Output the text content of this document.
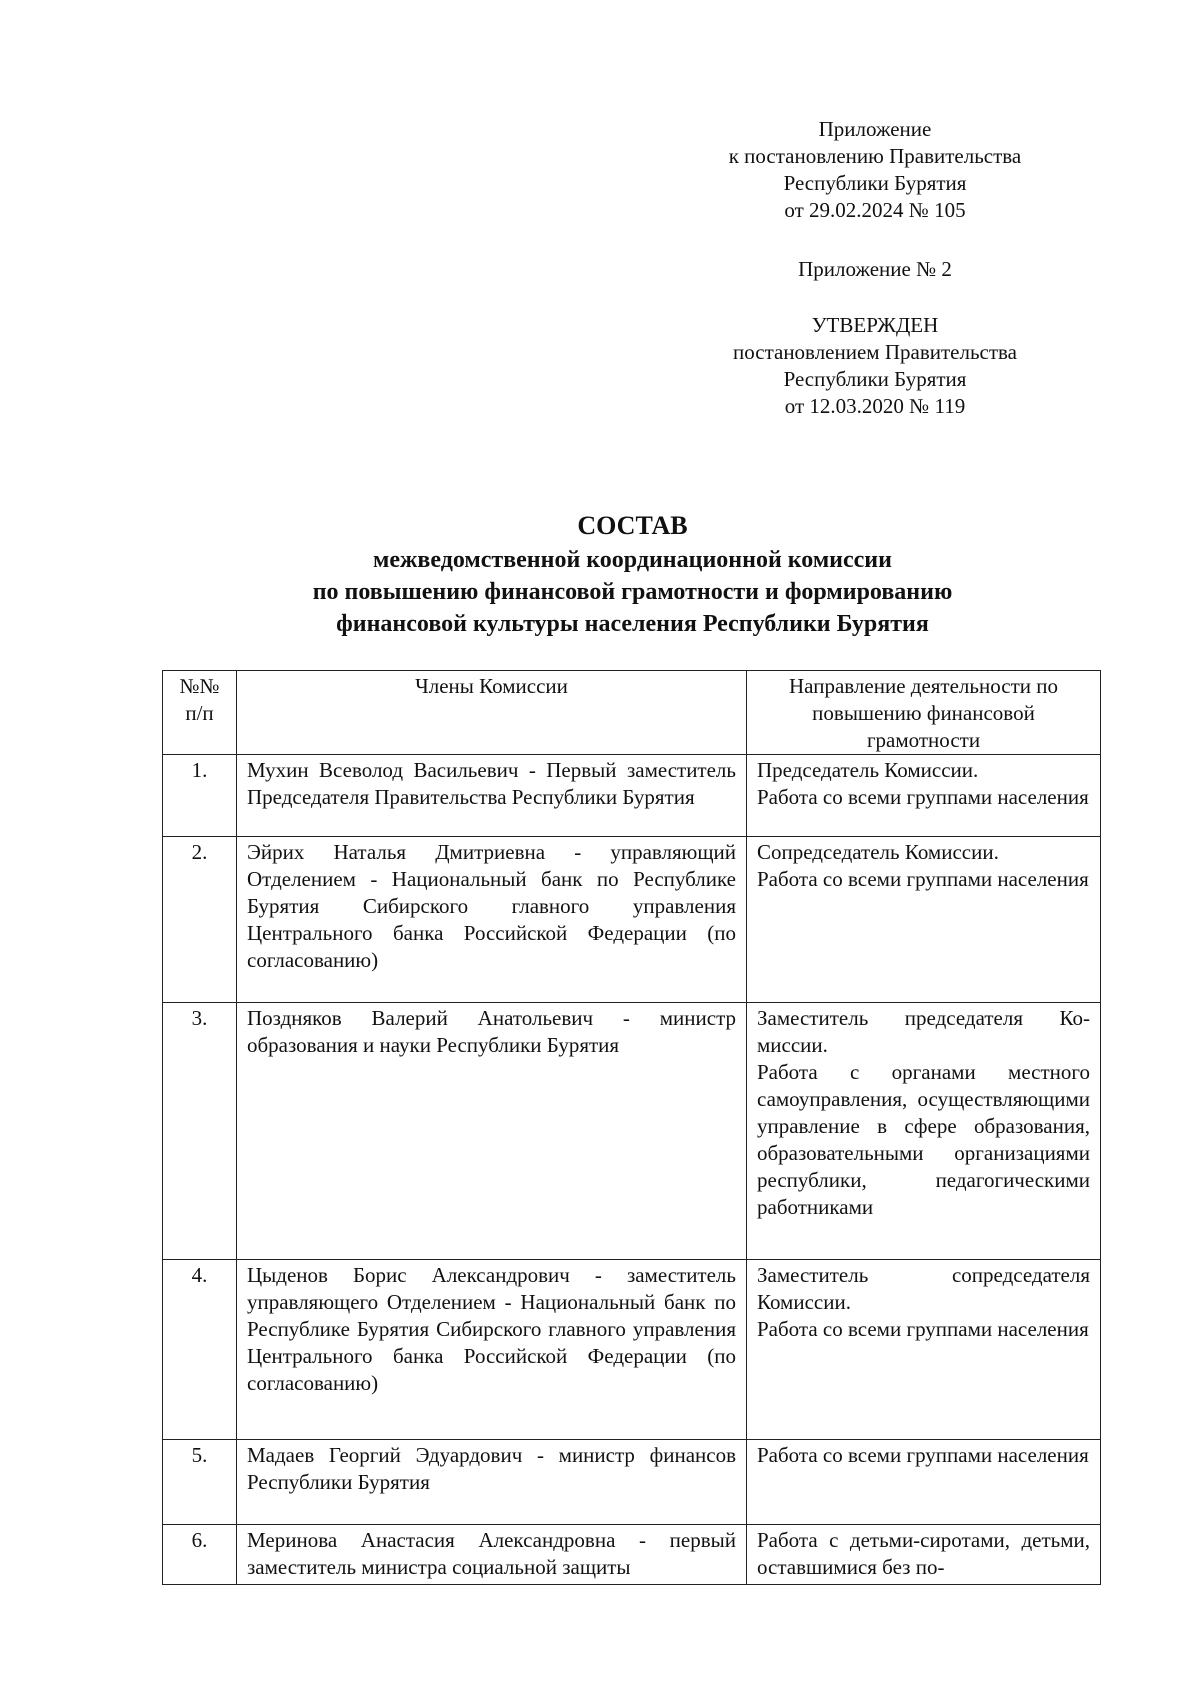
Приложение
к постановлению Правительства
Республики Бурятия
от 29.02.2024 № 105
Приложение № 2
УТВЕРЖДЕН
постановлением Правительства
Республики Бурятия
от 12.03.2020 № 119
СОСТАВ
межведомственной координационной комиссии
по повышению финансовой грамотности и формированию
финансовой культуры населения Республики Бурятия
№№
п/п	Члены Комиссии	Направление деятельности по повышению финансовой грамотности
1.	Мухин Всеволод Васильевич - Первый заместитель Председателя Правительства Республики Бурятия	Председатель Комиссии.
Работа со всеми группами населения

2.	Эйрих Наталья Дмитриевна - управляющий Отделением - Национальный банк по Республике Бурятия Сибирского главного управления Центрального банка Российской Федерации (по согласованию)	Сопредседатель Комиссии.
Работа со всеми группами населения

3.	Поздняков Валерий Анатольевич - министр образования и науки Республики Бурятия	Заместитель председателя Комиссии.
Работа с органами местного самоуправления, осуществляющими управление в сфере образования, образовательными организациями республики, педагогическими работниками

4.	Цыденов Борис Александрович - заместитель управляющего Отделением - Национальный банк по Республике Бурятия Сибирского главного управления Центрального банка Российской Федерации (по согласованию)	Заместитель сопредседателя Комиссии.
Работа со всеми группами населения

5.	Мадаев Георгий Эдуардович - министр финансов Республики Бурятия	Работа со всеми группами населения

6.	Меринова Анастасия Александровна - первый заместитель министра социальной защиты	Работа с детьми-сиротами, детьми, оставшимися без по-
